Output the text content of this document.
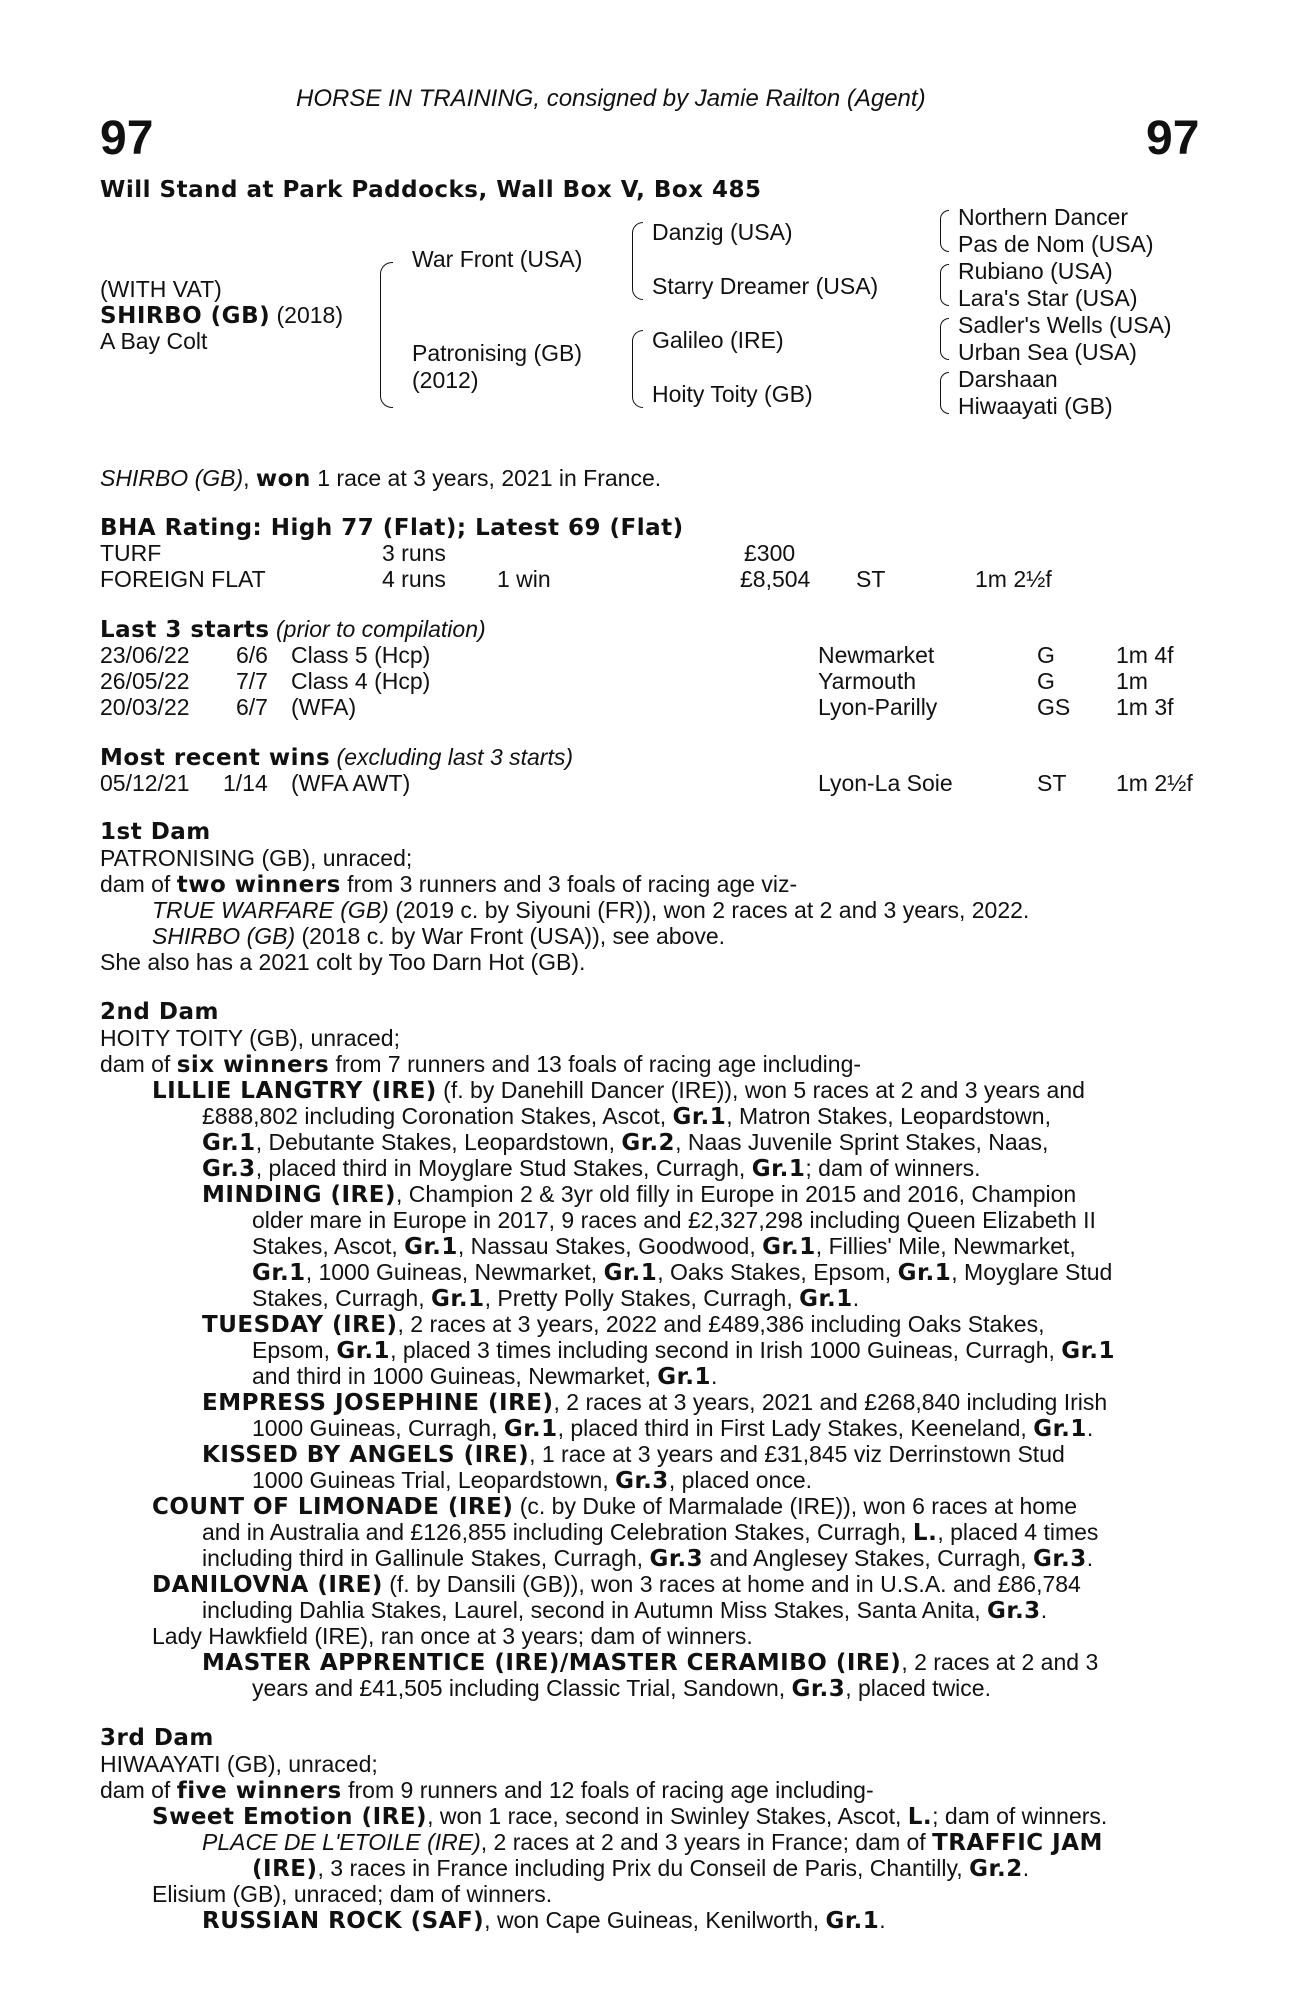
HORSE IN TRAINING, consigned by Jamie Railton (Agent)
97	97
Will Stand at Park Paddocks, Wall Box V, Box 485
(WITH VAT)
SHIRBO (GB) (2018)
A Bay Colt
War Front (USA)
Patronising (GB)
(2012)
Danzig (USA)
Starry Dreamer (USA)
Galileo (IRE)
Hoity Toity (GB)
Northern Dancer
Pas de Nom (USA)
Rubiano (USA)
Lara's Star (USA)
Sadler's Wells (USA)
Urban Sea (USA)
Darshaan
Hiwaayati (GB)
SHIRBO (GB), won 1 race at 3 years, 2021 in France.
BHA Rating: High 77 (Flat); Latest 69 (Flat)
TURF	3 runs	£300
FOREIGN FLAT	4 runs 1 win	£8,504 ST	1m 2½f
Last 3 starts (prior to compilation)
23/06/22 6/6 Class 5 (Hcp)	Newmarket	G	1m 4f
26/05/22 7/7 Class 4 (Hcp)	Yarmouth	G	1m
20/03/22 6/7 (WFA)	Lyon-Parilly	GS 1m 3f
Most recent wins (excluding last 3 starts)
05/12/21 1/14 (WFA AWT)	Lyon-La Soie	ST 1m 2½f
1st Dam
PATRONISING (GB), unraced;
dam of two winners from 3 runners and 3 foals of racing age viz-
TRUE WARFARE (GB) (2019 c. by Siyouni (FR)), won 2 races at 2 and 3 years, 2022.
SHIRBO (GB) (2018 c. by War Front (USA)), see above.
She also has a 2021 colt by Too Darn Hot (GB).
2nd Dam
HOITY TOITY (GB), unraced;
dam of six winners from 7 runners and 13 foals of racing age including-
LILLIE LANGTRY (IRE) (f. by Danehill Dancer (IRE)), won 5 races at 2 and 3 years and
£888,802 including Coronation Stakes, Ascot, Gr.1, Matron Stakes, Leopardstown,
Gr.1, Debutante Stakes, Leopardstown, Gr.2, Naas Juvenile Sprint Stakes, Naas,
Gr.3, placed third in Moyglare Stud Stakes, Curragh, Gr.1; dam of winners.
MINDING (IRE), Champion 2 & 3yr old filly in Europe in 2015 and 2016, Champion
older mare in Europe in 2017, 9 races and £2,327,298 including Queen Elizabeth II
Stakes, Ascot, Gr.1, Nassau Stakes, Goodwood, Gr.1, Fillies' Mile, Newmarket,
Gr.1, 1000 Guineas, Newmarket, Gr.1, Oaks Stakes, Epsom, Gr.1, Moyglare Stud
Stakes, Curragh, Gr.1, Pretty Polly Stakes, Curragh, Gr.1.
TUESDAY (IRE), 2 races at 3 years, 2022 and £489,386 including Oaks Stakes,
Epsom, Gr.1, placed 3 times including second in Irish 1000 Guineas, Curragh, Gr.1
and third in 1000 Guineas, Newmarket, Gr.1.
EMPRESS JOSEPHINE (IRE), 2 races at 3 years, 2021 and £268,840 including Irish
1000 Guineas, Curragh, Gr.1, placed third in First Lady Stakes, Keeneland, Gr.1.
KISSED BY ANGELS (IRE), 1 race at 3 years and £31,845 viz Derrinstown Stud
1000 Guineas Trial, Leopardstown, Gr.3, placed once.
COUNT OF LIMONADE (IRE) (c. by Duke of Marmalade (IRE)), won 6 races at home
and in Australia and £126,855 including Celebration Stakes, Curragh, L., placed 4 times
including third in Gallinule Stakes, Curragh, Gr.3 and Anglesey Stakes, Curragh, Gr.3.
DANILOVNA (IRE) (f. by Dansili (GB)), won 3 races at home and in U.S.A. and £86,784
including Dahlia Stakes, Laurel, second in Autumn Miss Stakes, Santa Anita, Gr.3.
Lady Hawkfield (IRE), ran once at 3 years; dam of winners.
MASTER APPRENTICE (IRE)/MASTER CERAMIBO (IRE), 2 races at 2 and 3
years and £41,505 including Classic Trial, Sandown, Gr.3, placed twice.
3rd Dam
HIWAAYATI (GB), unraced;
dam of five winners from 9 runners and 12 foals of racing age including-
Sweet Emotion (IRE), won 1 race, second in Swinley Stakes, Ascot, L.; dam of winners.
PLACE DE L'ETOILE (IRE), 2 races at 2 and 3 years in France; dam of TRAFFIC JAM
(IRE), 3 races in France including Prix du Conseil de Paris, Chantilly, Gr.2.
Elisium (GB), unraced; dam of winners.
RUSSIAN ROCK (SAF), won Cape Guineas, Kenilworth, Gr.1.
